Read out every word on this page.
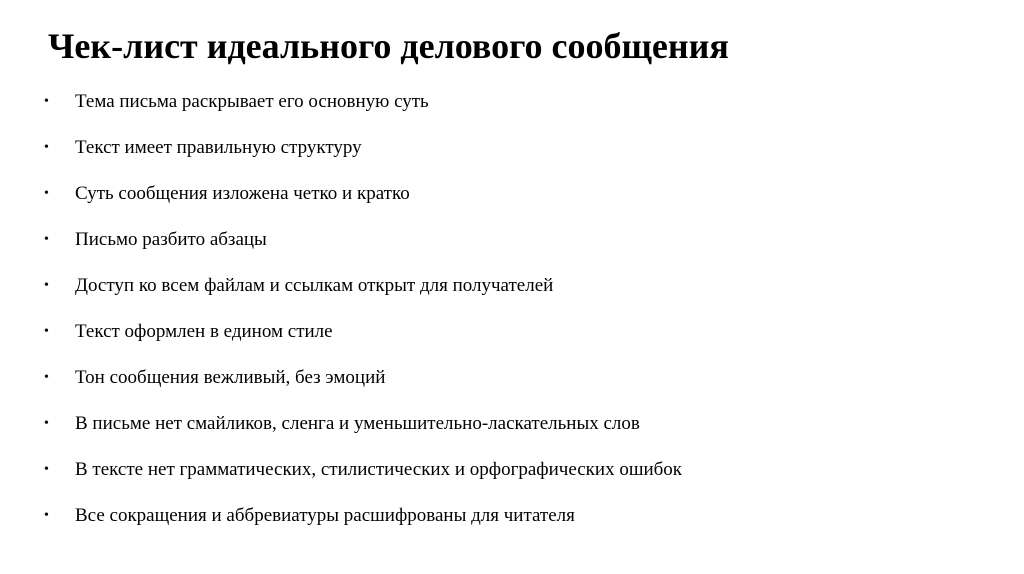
Чек-лист идеального делового сообщения
• Тема письма раскрывает его основную суть
• Текст имеет правильную структуру
• Суть сообщения изложена четко и кратко
• Письмо разбито абзацы
• Доступ ко всем файлам и ссылкам открыт для получателей
• Текст оформлен в едином стиле
• Тон сообщения вежливый, без эмоций
• В письме нет смайликов, сленга и уменьшительно-ласкательных слов
• В тексте нет грамматических, стилистических и орфографических ошибок
• Все сокращения и аббревиатуры расшифрованы для читателя
